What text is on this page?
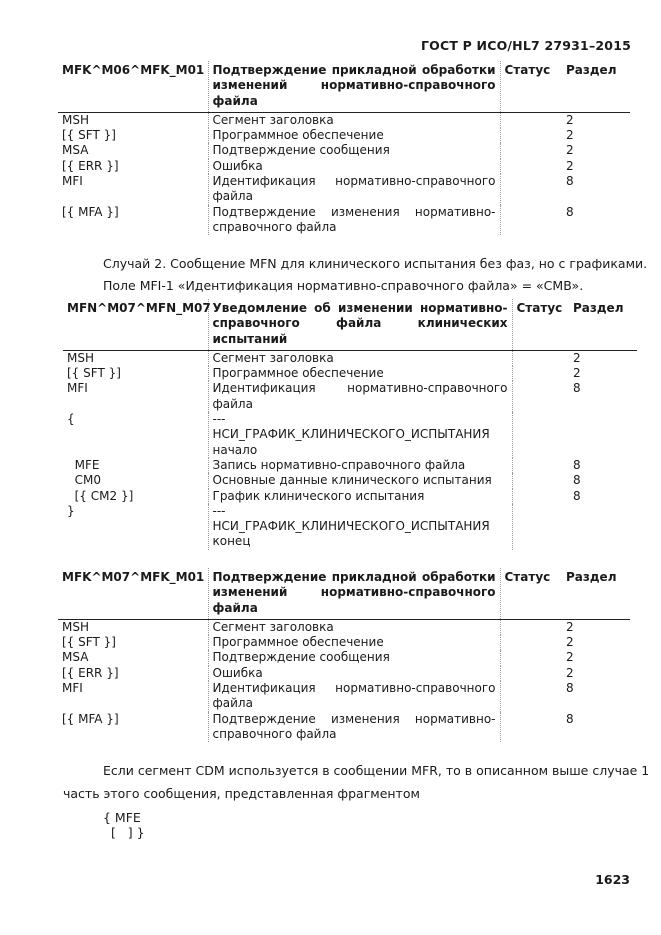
ГОСТ Р ИСО/HL7 27931–2015
MFK^M06^MFK_M01	Подтверждение прикладной обработки изменений нормативно-справочного файла	Статус	Раздел
MSH	Сегмент заголовка		2
[{ SFT }]	Программное обеспечение		2
MSA	Подтверждение сообщения		2
[{ ERR }]	Ошибка		2
MFI	Идентификация нормативно-справочного файла		8
[{ MFA }]	Подтверждение изменения нормативно-справочного файла		8
Случай 2. Сообщение MFN для клинического испытания без фаз, но с графиками.
Поле MFI-1 «Идентификация нормативно-справочного файла» = «CMB».
MFN^M07^MFN_M07	Уведомление об изменении нормативно-справочного файла клинических испытаний	Статус	Раздел
MSH	Сегмент заголовка		2
[{ SFT }]	Программное обеспечение		2
MFI	Идентификация нормативно-справочного файла		8
{	---
НСИ_ГРАФИК_КЛИНИЧЕСКОГО_ИСПЫТАНИЯ
начало		
MFE	Запись нормативно-справочного файла		8
CM0	Основные данные клинического испытания		8
[{ CM2 }]	График клинического испытания		8
}	---
НСИ_ГРАФИК_КЛИНИЧЕСКОГО_ИСПЫТАНИЯ
конец		
MFK^M07^MFK_M01	Подтверждение прикладной обработки изменений нормативно-справочного файла	Статус	Раздел
MSH	Сегмент заголовка		2
[{ SFT }]	Программное обеспечение		2
MSA	Подтверждение сообщения		2
[{ ERR }]	Ошибка		2
MFI	Идентификация нормативно-справочного файла		8
[{ MFA }]	Подтверждение изменения нормативно-справочного файла		8
Если сегмент CDM используется в сообщении MFR, то в описанном выше случае 1
часть этого сообщения, представленная фрагментом
{ MFE
[   ] }
1623
